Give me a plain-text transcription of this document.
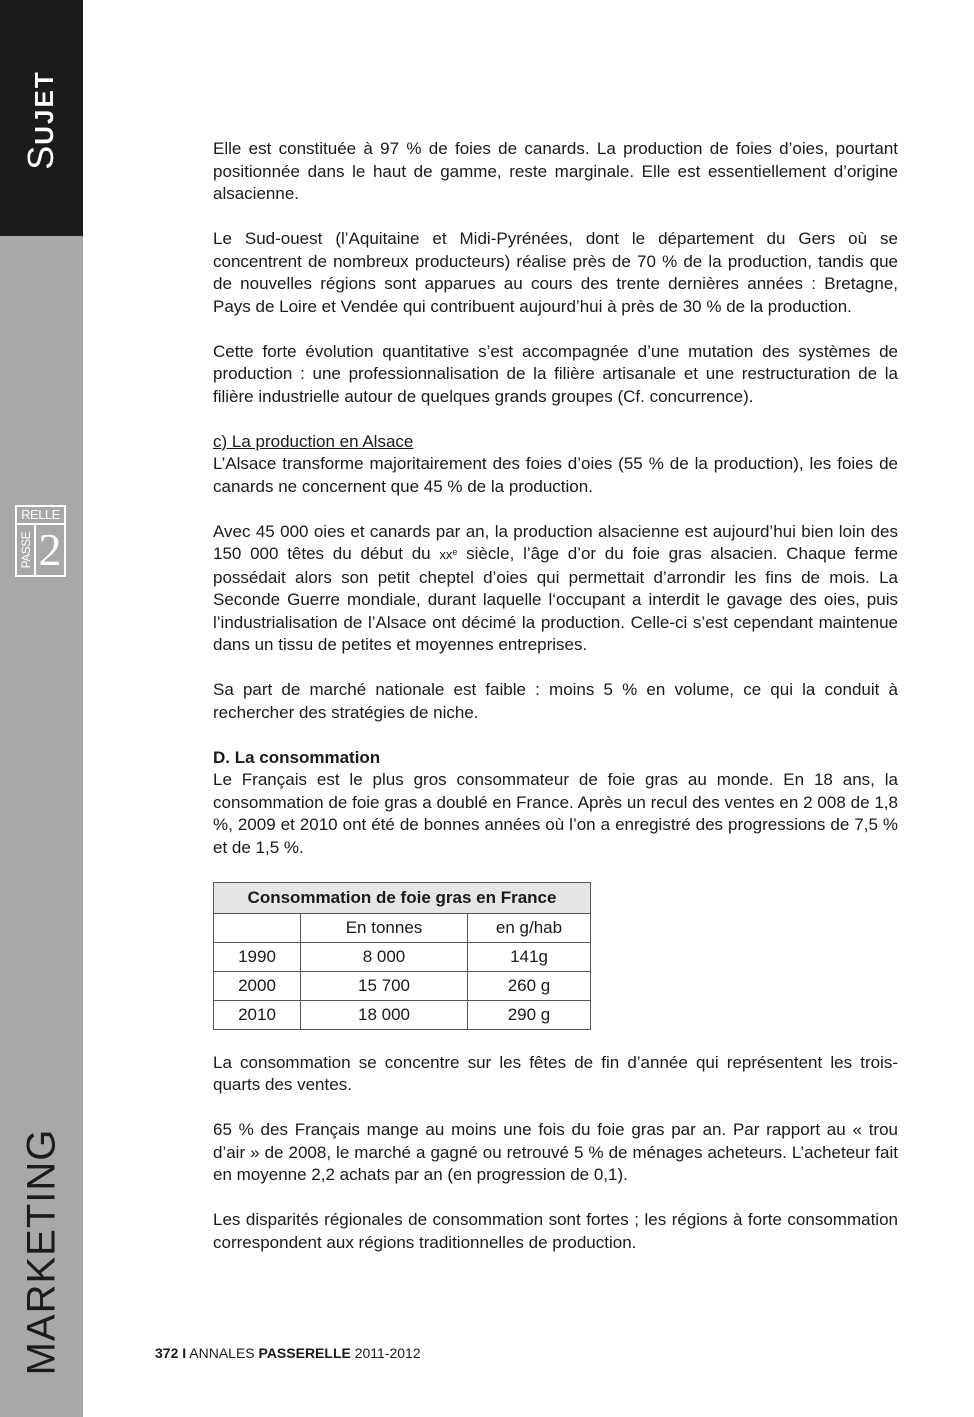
SUJET
RELLE
PASSE 2
MARKETING

Elle est constituée à 97 % de foies de canards. La production de foies d’oies, pourtant positionnée dans le haut de gamme, reste marginale. Elle est essentiellement d’origine alsacienne.

Le Sud-ouest (l’Aquitaine et Midi-Pyrénées, dont le département du Gers où se concentrent de nombreux producteurs) réalise près de 70 % de la production, tandis que de nouvelles régions sont apparues au cours des trente dernières années : Bretagne, Pays de Loire et Vendée qui contribuent aujourd’hui à près de 30 % de la production.

Cette forte évolution quantitative s’est accompagnée d’une mutation des systèmes de production : une professionnalisation de la filière artisanale et une restructuration de la filière industrielle autour de quelques grands groupes (Cf. concurrence).

c) La production en Alsace

L’Alsace transforme majoritairement des foies d’oies (55 % de la production), les foies de canards ne concernent que 45 % de la production.

Avec 45 000 oies et canards par an, la production alsacienne est aujourd’hui bien loin des 150 000 têtes du début du $xx^e$ siècle, l’âge d’or du foie gras alsacien. Chaque ferme possédait alors son petit cheptel d’oies qui permettait d’arrondir les fins de mois. La Seconde Guerre mondiale, durant laquelle l‘occupant a interdit le gavage des oies, puis l’industrialisation de l’Alsace ont décimé la production. Celle-ci s’est cependant maintenue dans un tissu de petites et moyennes entreprises.

Sa part de marché nationale est faible : moins 5 % en volume, ce qui la conduit à rechercher des stratégies de niche.

D. La consommation

Le Français est le plus gros consommateur de foie gras au monde. En 18 ans, la consommation de foie gras a doublé en France. Après un recul des ventes en 2 008 de 1,8 %, 2009 et 2010 ont été de bonnes années où l’on a enregistré des progressions de 7,5 % et de 1,5 %.

Consommation de foie gras en France		
	En tonnes	en g/hab
1990	8 000	141g
2000	15 700	260 g
2010	18 000	290 g

La consommation se concentre sur les fêtes de fin d’année qui représentent les trois-quarts des ventes.

65 % des Français mange au moins une fois du foie gras par an. Par rapport au « trou d’air » de 2008, le marché a gagné ou retrouvé 5 % de ménages acheteurs. L’acheteur fait en moyenne 2,2 achats par an (en progression de 0,1).

Les disparités régionales de consommation sont fortes ; les régions à forte consommation correspondent aux régions traditionnelles de production.

372 I ANNALES PASSERELLE 2011-2012
